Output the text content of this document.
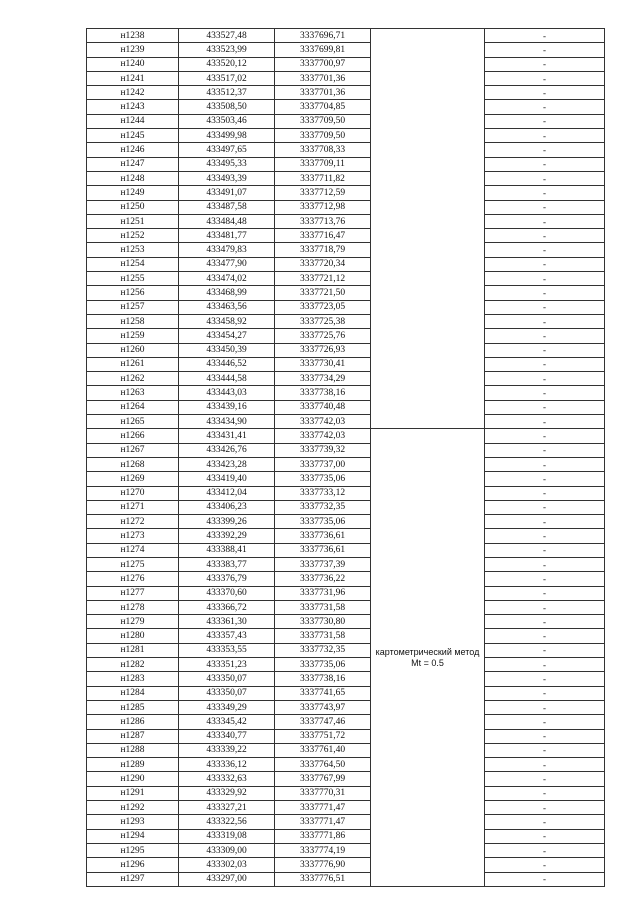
н1238	433527,48	3337696,71		-
н1239	433523,99	3337699,81		-
н1240	433520,12	3337700,97		-
н1241	433517,02	3337701,36		-
н1242	433512,37	3337701,36		-
н1243	433508,50	3337704,85		-
н1244	433503,46	3337709,50		-
н1245	433499,98	3337709,50		-
н1246	433497,65	3337708,33		-
н1247	433495,33	3337709,11		-
н1248	433493,39	3337711,82		-
н1249	433491,07	3337712,59		-
н1250	433487,58	3337712,98		-
н1251	433484,48	3337713,76		-
н1252	433481,77	3337716,47		-
н1253	433479,83	3337718,79		-
н1254	433477,90	3337720,34		-
н1255	433474,02	3337721,12		-
н1256	433468,99	3337721,50		-
н1257	433463,56	3337723,05		-
н1258	433458,92	3337725,38		-
н1259	433454,27	3337725,76		-
н1260	433450,39	3337726,93		-
н1261	433446,52	3337730,41		-
н1262	433444,58	3337734,29		-
н1263	433443,03	3337738,16		-
н1264	433439,16	3337740,48		-
н1265	433434,90	3337742,03		-
н1266	433431,41	3337742,03	картометрический метод Mt = 0.5	-
н1267	433426,76	3337739,32		-
н1268	433423,28	3337737,00		-
н1269	433419,40	3337735,06		-
н1270	433412,04	3337733,12		-
н1271	433406,23	3337732,35		-
н1272	433399,26	3337735,06		-
н1273	433392,29	3337736,61		-
н1274	433388,41	3337736,61		-
н1275	433383,77	3337737,39		-
н1276	433376,79	3337736,22		-
н1277	433370,60	3337731,96		-
н1278	433366,72	3337731,58		-
н1279	433361,30	3337730,80		-
н1280	433357,43	3337731,58		-
н1281	433353,55	3337732,35		-
н1282	433351,23	3337735,06		-
н1283	433350,07	3337738,16		-
н1284	433350,07	3337741,65		-
н1285	433349,29	3337743,97		-
н1286	433345,42	3337747,46		-
н1287	433340,77	3337751,72		-
н1288	433339,22	3337761,40		-
н1289	433336,12	3337764,50		-
н1290	433332,63	3337767,99		-
н1291	433329,92	3337770,31		-
н1292	433327,21	3337771,47		-
н1293	433322,56	3337771,47		-
н1294	433319,08	3337771,86		-
н1295	433309,00	3337774,19		-
н1296	433302,03	3337776,90		-
н1297	433297,00	3337776,51		-
